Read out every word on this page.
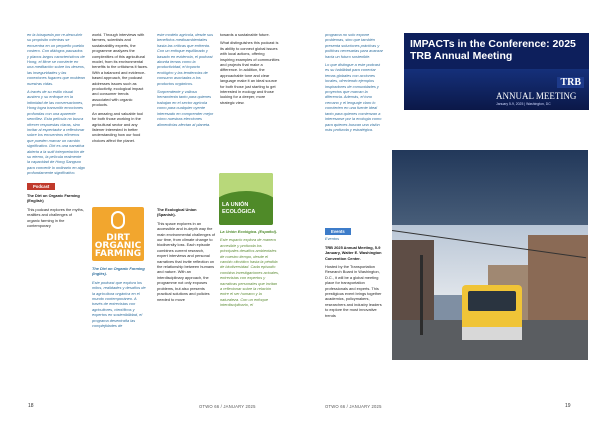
en la búsqueda por re-descubrir su propósito mientras se encuentra en un pequeño pueblo costero. Con diálogos pausados y planos largos característicos de Hong, el filme se convierte en una meditación sobre los deseos, las inseguridades y las conexiones fugaces que moldean nuestras vidas.

A través de su estilo visual austero y su enfoque en la intimidad de las conversaciones, Hong logra transmitir emociones profundas con una aparente sencillez. Esta película no busca ofrecer respuestas claras, sino invitar al espectador a reflexionar sobre los encuentros efímeros que pueden marcar un cambio significativo. Dirt es una narrativa abierta a la sutil interpretación de su eterno, la película realmente la capacidad de Hong Sangsoo para convertir lo ordinario en algo profundamente significativo.

Podcast

The Dirt on Organic Farming (English)

This podcast explores the myths, realities and challenges of organic farming in the contemporary

world. Through interviews with farmers, scientists and sustainability experts, the programme analyzes the complexities of this agricultural model, from its environmental benefits to the criticisms it faces. With a balanced and evidence-based approach, the podcast addresses issues such as productivity, ecological impact and consumer trends associated with organic products.

An amazing and valuable tool for both those working in the agricultural sector and any listener interested in better understanding how our food choices affect the planet.

DIRT
ORGANIC
FARMING

The Dirt on Organic Farming (Inglés).

Este podcast que explora los mitos, realidades y desafíos de la agricultura orgánica en el mundo contemporáneo. A través de entrevistas con agricultores, científicos y expertos en sostenibilidad, el programa desentraña las complejidades de

este modelo agrícola, desde sus beneficios medioambientales hasta las críticas que enfrenta. Con un enfoque equilibrado y basado en evidencia, el podcast aborda temas como la productividad, el impacto ecológico y las tendencias de consumo asociadas a los productos orgánicos.

Sorprendente y valiosa herramienta tanto para quienes trabajan en el sector agrícola como para cualquier oyente interesado en comprender mejor cómo nuestras elecciones alimenticias afectan al planeta.

The Ecological Union (Spanish).

This space explores in an accessible and in-depth way the main environmental challenges of our time, from climate change to biodiversity loss. Each episode combines current research, expert interviews and personal narratives that invite reflection on the relationship between humans and nature. With an interdisciplinary approach, the programme not only exposes problems, but also presents practical solutions and policies needed to move

OTWO 66 / JANUARY 2025
18

towards a sustainable future.

What distinguishes this podcast is its ability to connect global issues with local actions, offering inspiring examples of communities and projects that make a difference. In addition, the approachable tone and clear language make it an ideal source for both those just starting to get interested in ecology and those looking for a deeper, more strategic view.

LA UNIÓN
ECOLÓGICA

La Unión Ecológica. (Español).

Este espacio explora de manera accesible y profunda los principales desafíos ambientales de nuestro tiempo, desde el cambio climático hasta la pérdida de biodiversidad. Cada episodio combina investigaciones actuales, entrevistas con expertos y narrativas personales que invitan a reflexionar sobre la relación entre el ser humano y la naturaleza. Con un enfoque interdisciplinario, el

programa no solo expone problemas, sino que también presenta soluciones prácticas y políticas necesarias para avanzar hacia un futuro sostenible.

Lo que distingue a este podcast es su habilidad para conectar temas globales con acciones locales, ofreciendo ejemplos inspiradores de comunidades y proyectos que marcan la diferencia. Además, el tono cercano y el lenguaje claro lo convierten en una fuente ideal tanto para quienes comienzan a interesarse por la ecología como para quienes buscan una visión más profunda y estratégica.

Events

Eventos

TRB 2025 Annual Meeting, 5-9 January, Walter E. Washington Convention Center.

Hosted by the Transportation Research Board in Washington, D.C., it will be a global meeting place for transportation professionals and experts. This prestigious event brings together academics, policymakers, researchers and industry leaders to explore the most innovative trends

IMPACTs in the Conference: 2025 TRB Annual Meeting
TRB
ANNUAL MEETING
January 5-9, 2025 | Washington, DC
OTWO 66 / JANUARY 2025	19
